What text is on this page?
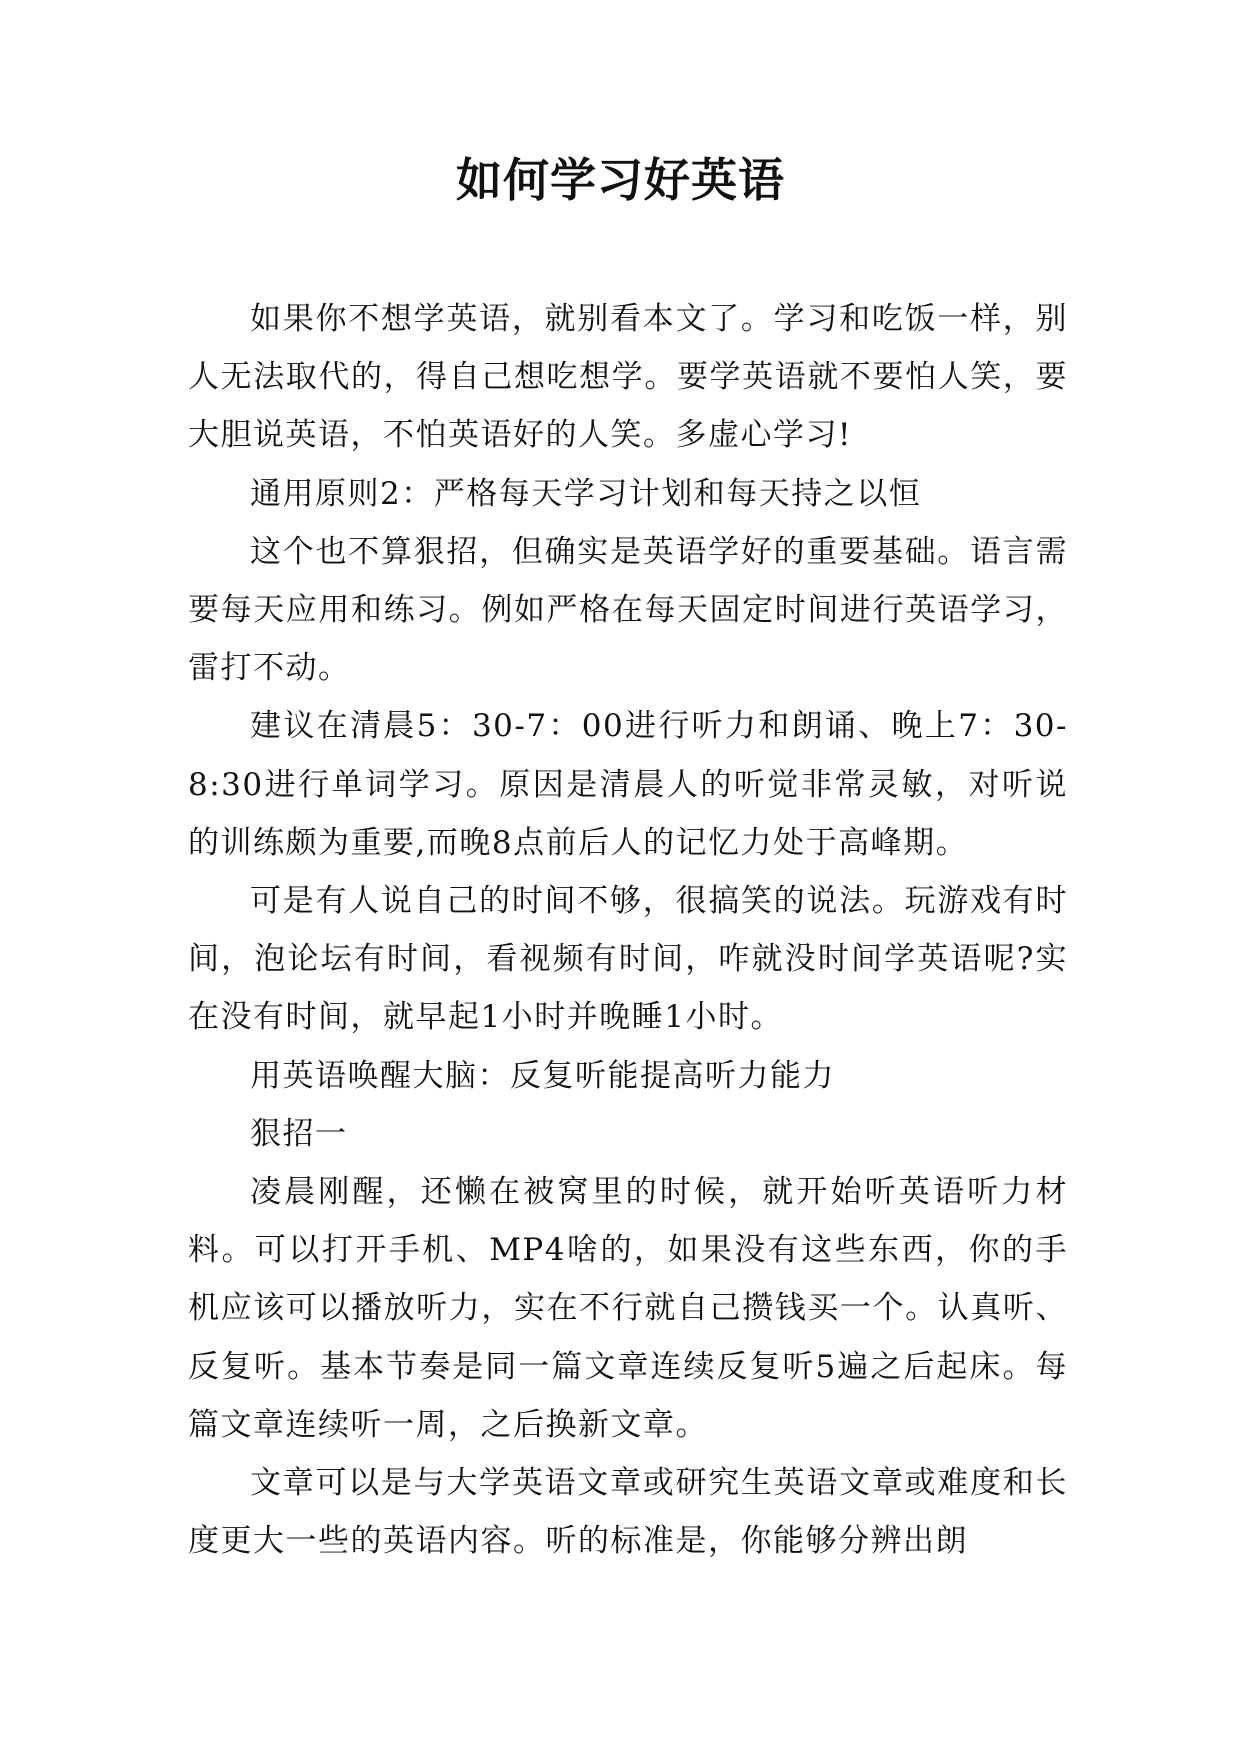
如何学习好英语

如果你不想学英语，就别看本文了。学习和吃饭一样，别人无法取代的，得自己想吃想学。要学英语就不要怕人笑，要大胆说英语，不怕英语好的人笑。多虚心学习!

通用原则2：严格每天学习计划和每天持之以恒

这个也不算狠招，但确实是英语学好的重要基础。语言需要每天应用和练习。例如严格在每天固定时间进行英语学习，雷打不动。

建议在清晨5：30-7：00进行听力和朗诵、晚上7：30-8:30进行单词学习。原因是清晨人的听觉非常灵敏，对听说的训练颇为重要,而晚8点前后人的记忆力处于高峰期。

可是有人说自己的时间不够，很搞笑的说法。玩游戏有时间，泡论坛有时间，看视频有时间，咋就没时间学英语呢?实在没有时间，就早起1小时并晚睡1小时。

用英语唤醒大脑：反复听能提高听力能力

狠招一

凌晨刚醒，还懒在被窝里的时候，就开始听英语听力材料。可以打开手机、MP4啥的，如果没有这些东西，你的手机应该可以播放听力，实在不行就自己攒钱买一个。认真听、反复听。基本节奏是同一篇文章连续反复听5遍之后起床。每篇文章连续听一周，之后换新文章。

文章可以是与大学英语文章或研究生英语文章或难度和长度更大一些的英语内容。听的标准是，你能够分辨出朗
